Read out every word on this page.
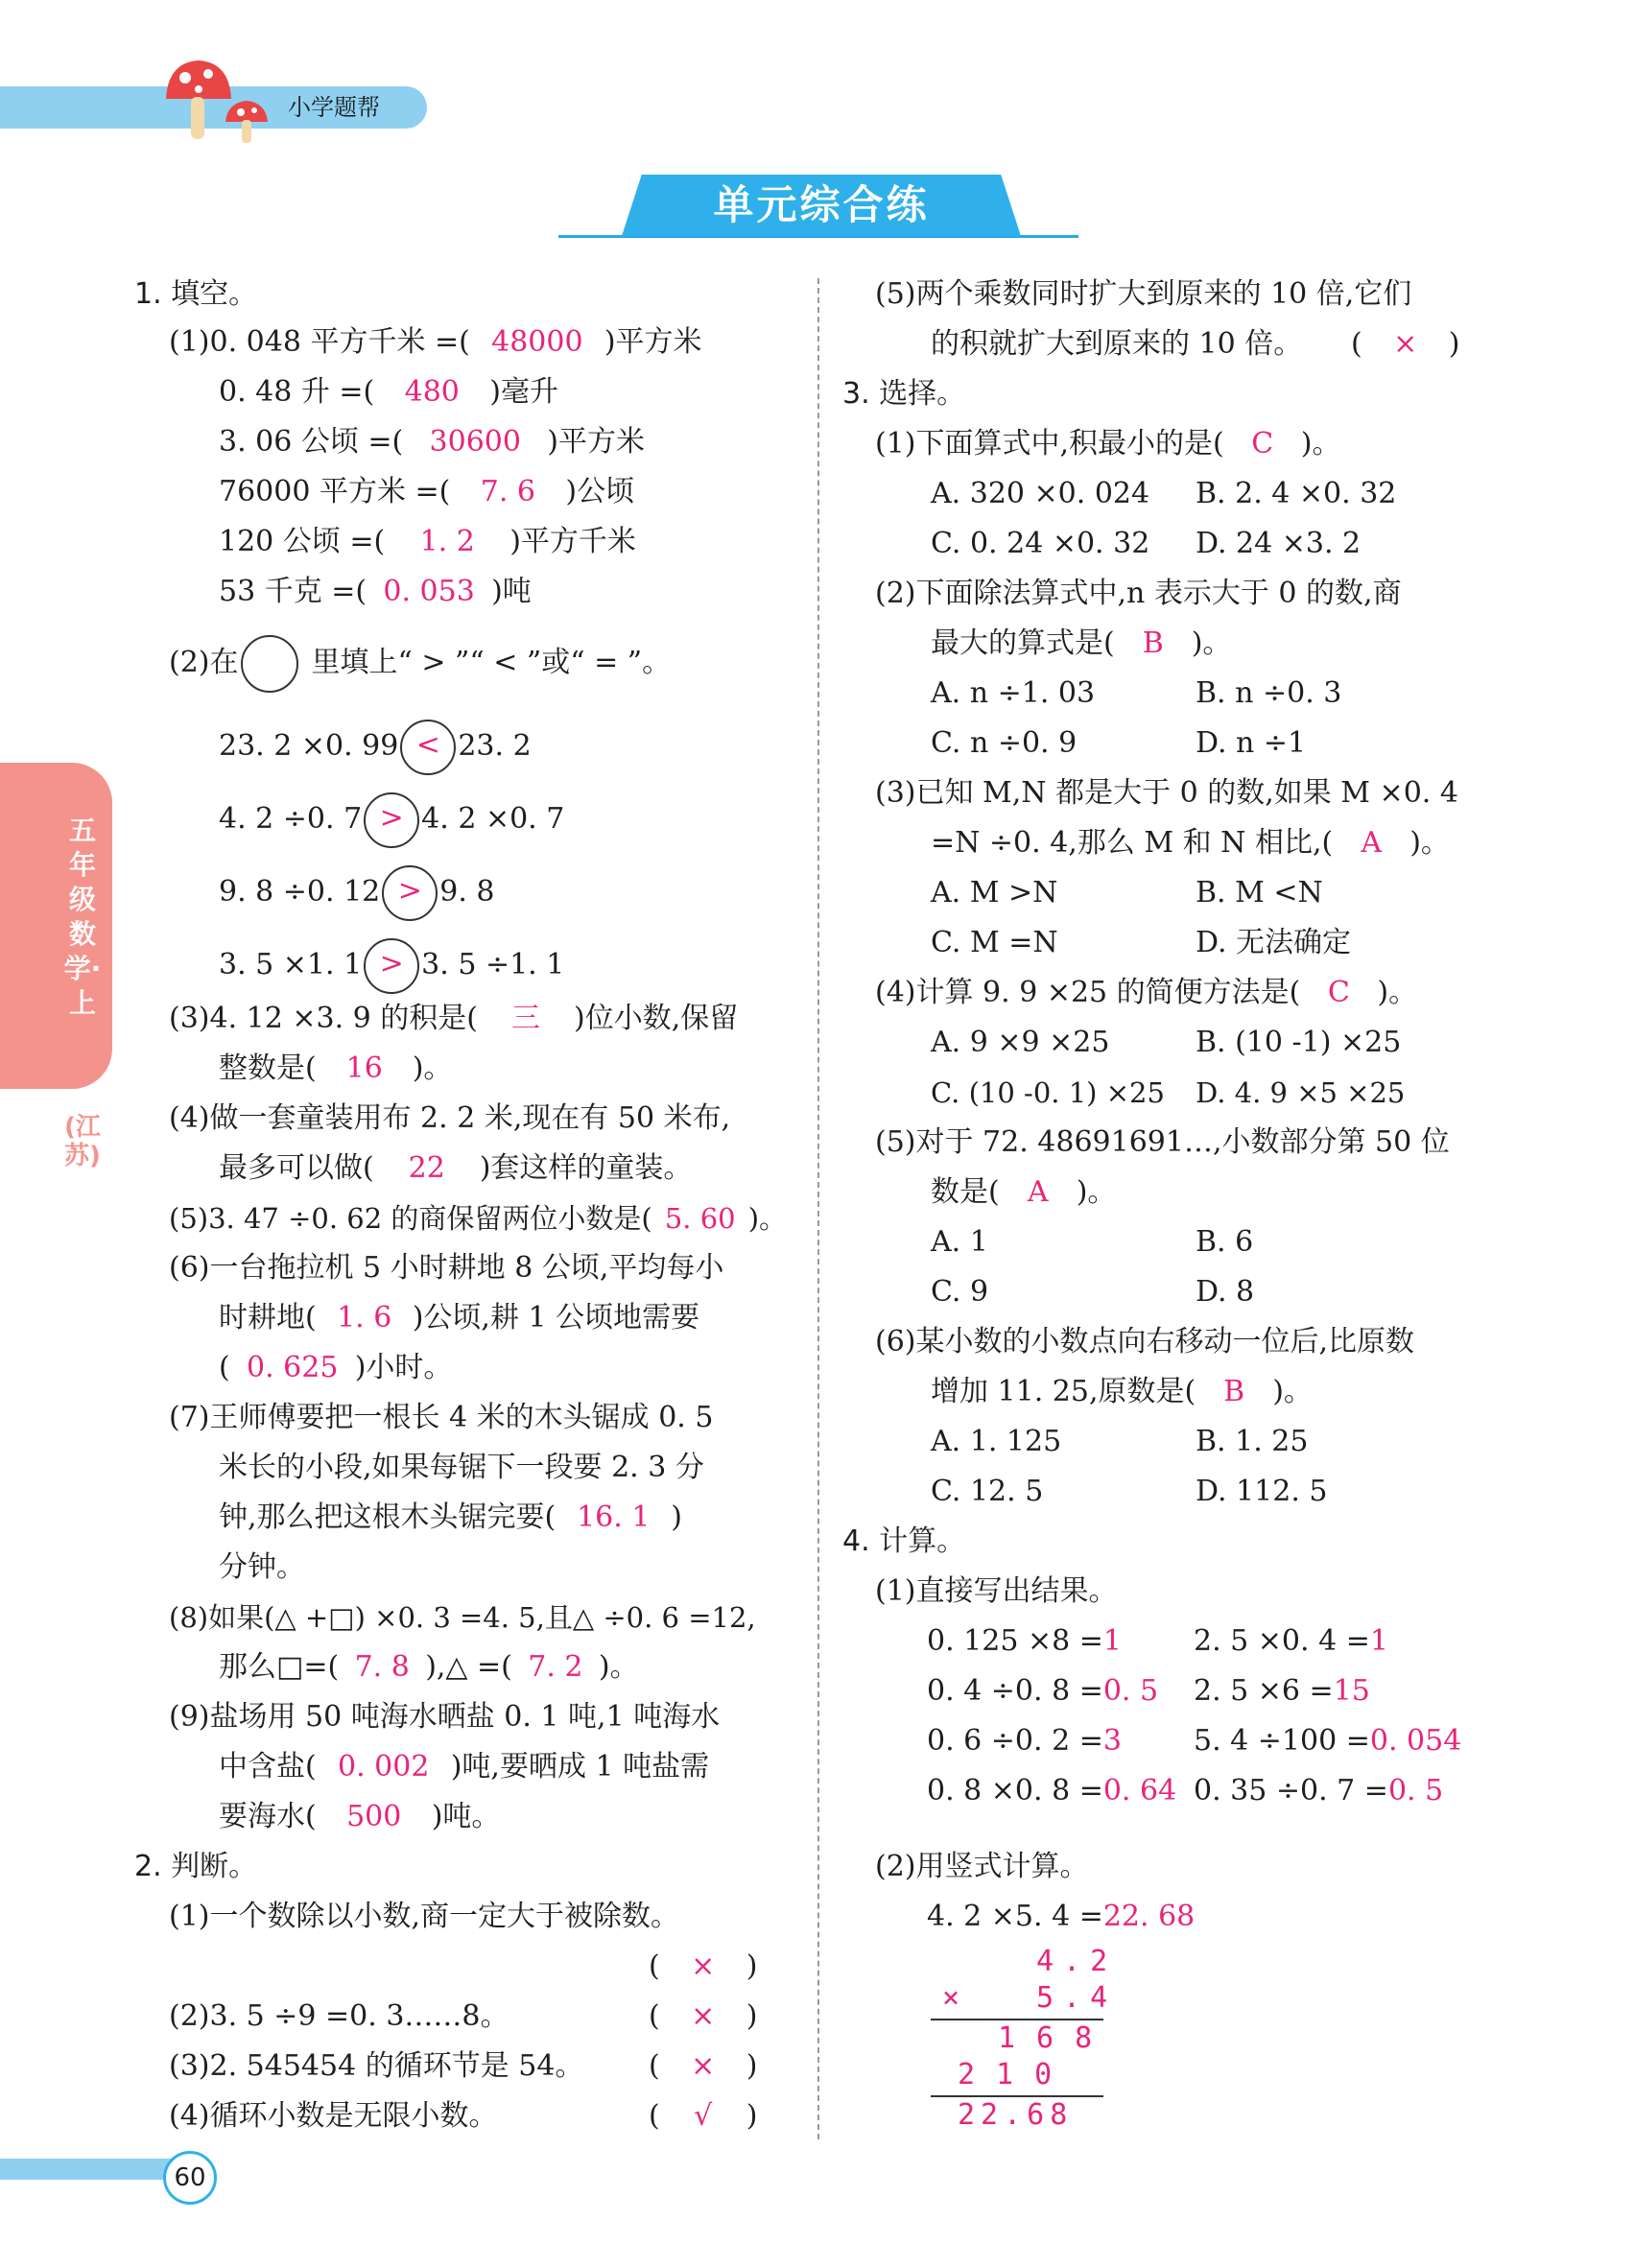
小学题帮
单元综合练
五年级数学·上
(江苏)
1. 填空。
(1)0. 048 平方千米 =( 48000 )平方米
0. 48 升 =( 480 )毫升
3. 06 公顷 =( 30600 )平方米
76000 平方米 =( 7. 6 )公顷
120 公顷 =( 1. 2 )平方千米
53 千克 =( 0. 053 )吨
(2)在	里填上“ > ”“ < ”或“ = ”。
23. 2 ×0. 99 < 23. 2
4. 2 ÷0. 7 > 4. 2 ×0. 7
9. 8 ÷0. 12 > 9. 8
3. 5 ×1. 1 > 3. 5 ÷1. 1
(3)4. 12 ×3. 9 的积是( 三 )位小数,保留
整数是( 16 )。
(4)做一套童装用布 2. 2 米,现在有 50 米布,
最多可以做( 22 )套这样的童装。
(5)3. 47 ÷0. 62 的商保留两位小数是( 5. 60 )。
(6)一台拖拉机 5 小时耕地 8 公顷,平均每小
时耕地( 1. 6 )公顷,耕 1 公顷地需要
( 0. 625 )小时。
(7)王师傅要把一根长 4 米的木头锯成 0. 5
米长的小段,如果每锯下一段要 2. 3 分
钟,那么把这根木头锯完要( 16. 1 )
分钟。
(8)如果(△ +□) ×0. 3 =4. 5,且△ ÷0. 6 =12,
那么□=( 7. 8 ),△ =( 7. 2 )。
(9)盐场用 50 吨海水晒盐 0. 1 吨,1 吨海水
中含盐( 0. 002 )吨,要晒成 1 吨盐需
要海水( 500 )吨。
2. 判断。
(1)一个数除以小数,商一定大于被除数。
( × )
(2)3. 5 ÷9 =0. 3……8。	( × )
(3)2. 545454 的循环节是 54。 ( × )
(4)循环小数是无限小数。	( √ )
(5)两个乘数同时扩大到原来的 10 倍,它们
的积就扩大到原来的 10 倍。 ( × )
3. 选择。
(1)下面算式中,积最小的是( C )。
A. 320 ×0. 024 B. 2. 4 ×0. 32
C. 0. 24 ×0. 32 D. 24 ×3. 2
(2)下面除法算式中,n 表示大于 0 的数,商
最大的算式是( B )。
A. n ÷1. 03	B. n ÷0. 3
C. n ÷0. 9	D. n ÷1
(3)已知 M,N 都是大于 0 的数,如果 M ×0. 4
=N ÷0. 4,那么 M 和 N 相比,( A )。
A. M >N	B. M <N
C. M =N	D. 无法确定
(4)计算 9. 9 ×25 的简便方法是( C )。
A. 9 ×9 ×25	B. (10 -1) ×25
C. (10 -0. 1) ×25 D. 4. 9 ×5 ×25
(5)对于 72. 48691691…,小数部分第 50 位
数是( A )。
A. 1	B. 6
C. 9	D. 8
(6)某小数的小数点向右移动一位后,比原数
增加 11. 25,原数是( B )。
A. 1. 125	B. 1. 25
C. 12. 5	D. 112. 5
4. 计算。
(1)直接写出结果。
0. 125 ×8 =1	2. 5 ×0. 4 =1
0. 4 ÷0. 8 =0. 5 2. 5 ×6 =15
0. 6 ÷0. 2 =3	5. 4 ÷100 =0. 054
0. 8 ×0. 8 =0. 64 0. 35 ÷0. 7 =0. 5
(2)用竖式计算。
4. 2 ×5. 4 =22. 68
4.2
× 5.4
168
210
22.68
60
